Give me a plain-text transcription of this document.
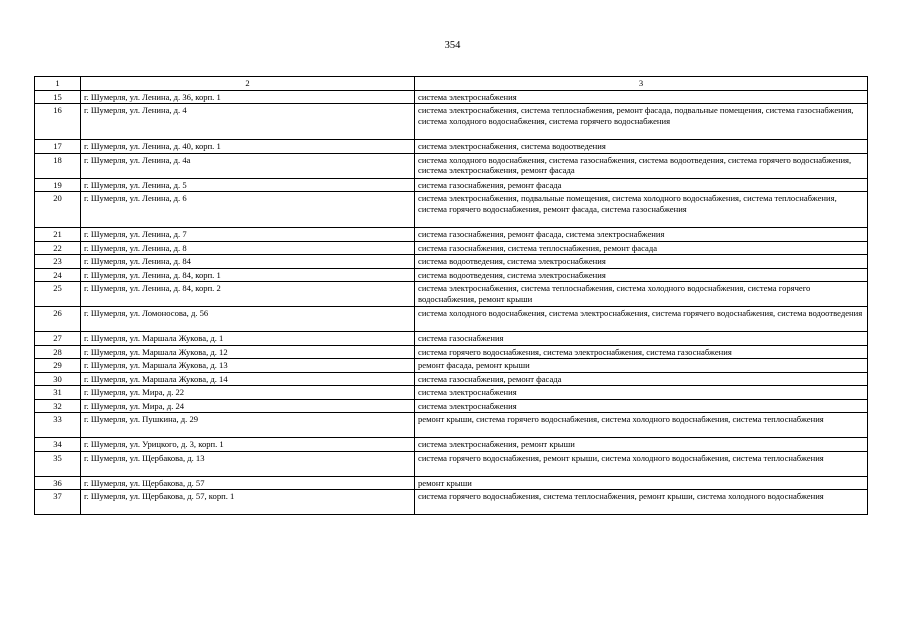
354
1	2	3
15	г. Шумерля, ул. Ленина, д. 36, корп. 1	система электроснабжения
16	г. Шумерля, ул. Ленина, д. 4	система электроснабжения, система теплоснабжения, ремонт фасада, подвальные помещения, система газоснабжения, система холодного водоснабжения, система горячего водоснабжения
17	г. Шумерля, ул. Ленина, д. 40, корп. 1	система электроснабжения, система водоотведения
18	г. Шумерля, ул. Ленина, д. 4а	система холодного водоснабжения, система газоснабжения, система водоотведения, система горячего водоснабжения, система электроснабжения, ремонт фасада
19	г. Шумерля, ул. Ленина, д. 5	система газоснабжения, ремонт фасада
20	г. Шумерля, ул. Ленина, д. 6	система электроснабжения, подвальные помещения, система холодного водоснабжения, система теплоснабжения, система горячего водоснабжения, ремонт фасада, система газоснабжения
21	г. Шумерля, ул. Ленина, д. 7	система газоснабжения, ремонт фасада, система электроснабжения
22	г. Шумерля, ул. Ленина, д. 8	система газоснабжения, система теплоснабжения, ремонт фасада
23	г. Шумерля, ул. Ленина, д. 84	система водоотведения, система электроснабжения
24	г. Шумерля, ул. Ленина, д. 84, корп. 1	система водоотведения, система электроснабжения
25	г. Шумерля, ул. Ленина, д. 84, корп. 2	система электроснабжения, система теплоснабжения, система холодного водоснабжения, система горячего водоснабжения, ремонт крыши
26	г. Шумерля, ул. Ломоносова, д. 56	система холодного водоснабжения, система электроснабжения, система горячего водоснабжения, система водоотведения
27	г. Шумерля, ул. Маршала Жукова, д. 1	система газоснабжения
28	г. Шумерля, ул. Маршала Жукова, д. 12	система горячего водоснабжения, система электроснабжения, система газоснабжения
29	г. Шумерля, ул. Маршала Жукова, д. 13	ремонт фасада, ремонт крыши
30	г. Шумерля, ул. Маршала Жукова, д. 14	система газоснабжения, ремонт фасада
31	г. Шумерля, ул. Мира, д. 22	система электроснабжения
32	г. Шумерля, ул. Мира, д. 24	система электроснабжения
33	г. Шумерля, ул. Пушкина, д. 29	ремонт крыши, система горячего водоснабжения, система холодного водоснабжения, система теплоснабжения
34	г. Шумерля, ул. Урицкого, д. 3, корп. 1	система электроснабжения, ремонт крыши
35	г. Шумерля, ул. Щербакова, д. 13	система горячего водоснабжения, ремонт крыши, система холодного водоснабжения, система теплоснабжения
36	г. Шумерля, ул. Щербакова, д. 57	ремонт крыши
37	г. Шумерля, ул. Щербакова, д. 57, корп. 1	система горячего водоснабжения, система теплоснабжения, ремонт крыши, система холодного водоснабжения
